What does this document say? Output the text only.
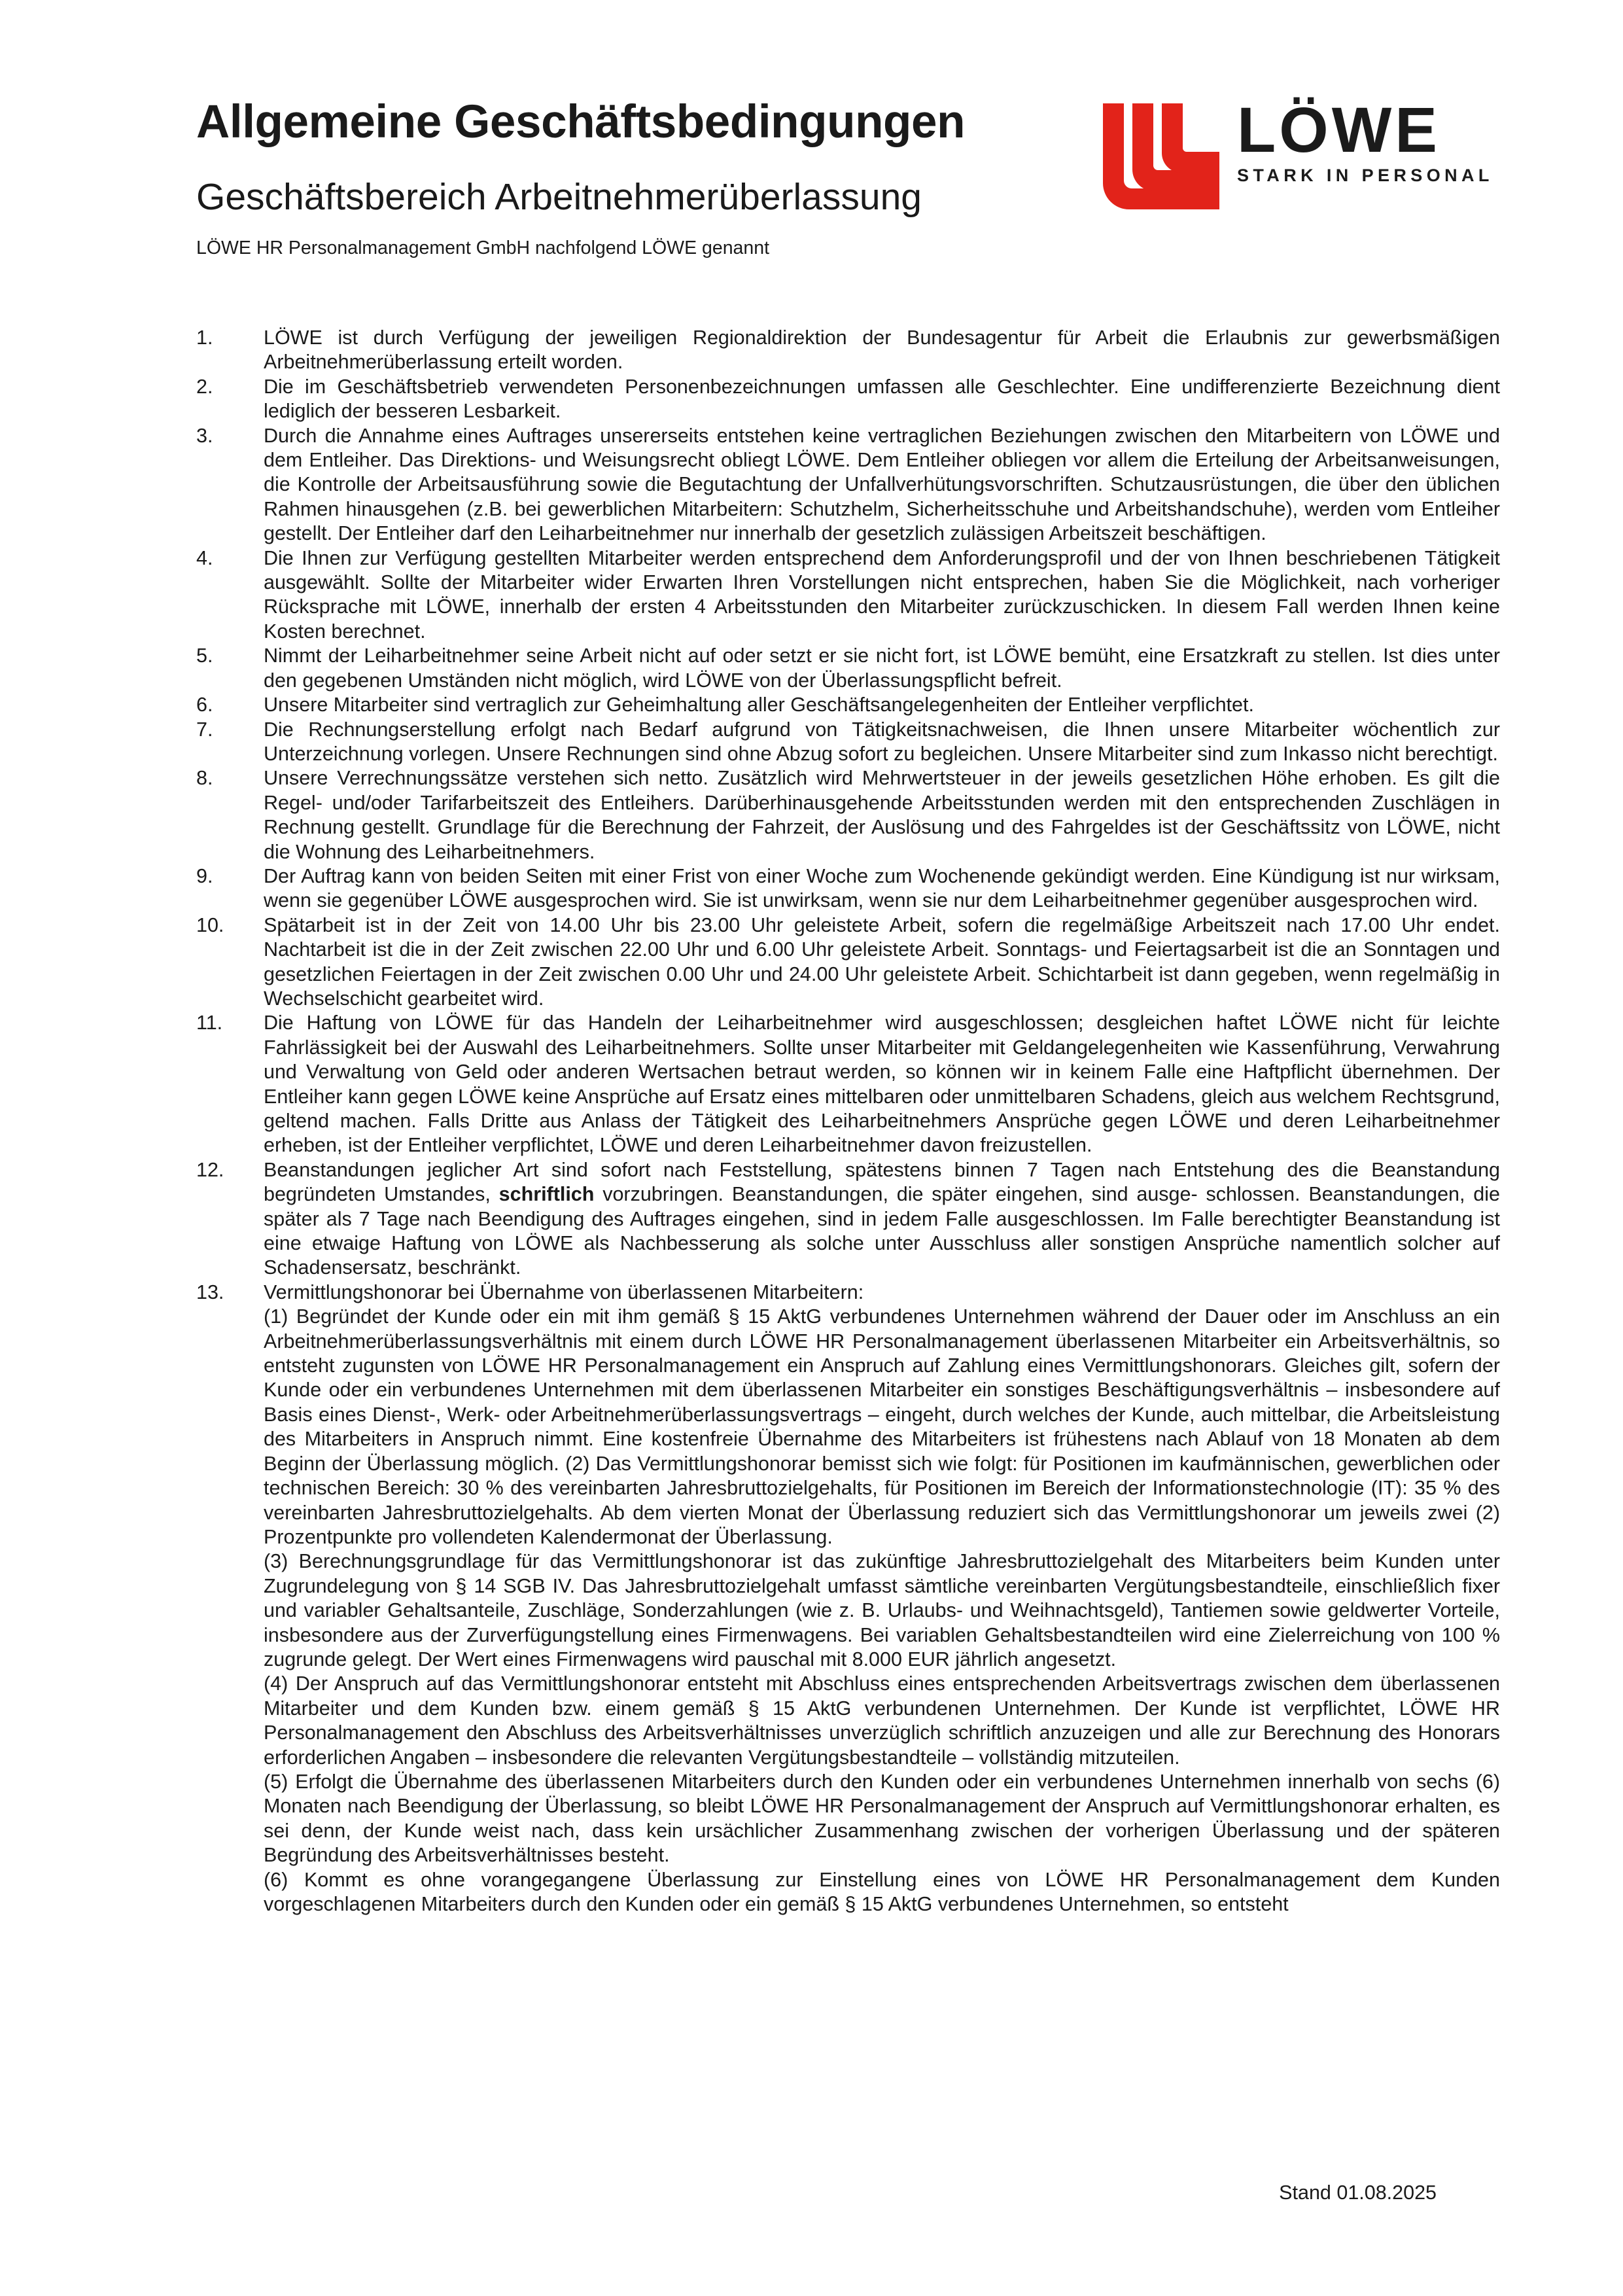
Allgemeine Geschäftsbedingungen
Geschäftsbereich Arbeitnehmerüberlassung
LÖWE HR Personalmanagement GmbH nachfolgend LÖWE genannt
LÖWE
STARK IN PERSONAL
1.	LÖWE ist durch Verfügung der jeweiligen Regionaldirektion der Bundesagentur für Arbeit die Erlaubnis zur gewerbsmäßigen Arbeitnehmerüberlassung erteilt worden.

2.	Die im Geschäftsbetrieb verwendeten Personenbezeichnungen umfassen alle Geschlechter. Eine undifferenzierte Bezeichnung dient lediglich der besseren Lesbarkeit.

3.	Durch die Annahme eines Auftrages unsererseits entstehen keine vertraglichen Beziehungen zwischen den Mitarbeitern von LÖWE und dem Entleiher. Das Direktions- und Weisungsrecht obliegt LÖWE. Dem Entleiher obliegen vor allem die Erteilung der Arbeitsanweisungen, die Kontrolle der Arbeitsausführung sowie die Begutachtung der Unfallverhütungsvorschriften. Schutzausrüstungen, die über den üblichen Rahmen hinausgehen (z.B. bei gewerblichen Mitarbeitern: Schutzhelm, Sicherheitsschuhe und Arbeitshandschuhe), werden vom Entleiher gestellt. Der Entleiher darf den Leiharbeitnehmer nur innerhalb der gesetzlich zulässigen Arbeitszeit beschäftigen.

4.	Die Ihnen zur Verfügung gestellten Mitarbeiter werden entsprechend dem Anforderungsprofil und der von Ihnen beschriebenen Tätigkeit ausgewählt. Sollte der Mitarbeiter wider Erwarten Ihren Vorstellungen nicht entsprechen, haben Sie die Möglichkeit, nach vorheriger Rücksprache mit LÖWE, innerhalb der ersten 4 Arbeitsstunden den Mitarbeiter zurückzuschicken. In diesem Fall werden Ihnen keine Kosten berechnet.

5.	Nimmt der Leiharbeitnehmer seine Arbeit nicht auf oder setzt er sie nicht fort, ist LÖWE bemüht, eine Ersatzkraft zu stellen. Ist dies unter den gegebenen Umständen nicht möglich, wird LÖWE von der Überlassungspflicht befreit.

6.	Unsere Mitarbeiter sind vertraglich zur Geheimhaltung aller Geschäftsangelegenheiten der Entleiher verpflichtet.

7.	Die Rechnungserstellung erfolgt nach Bedarf aufgrund von Tätigkeitsnachweisen, die Ihnen unsere Mitarbeiter wöchentlich zur Unterzeichnung vorlegen. Unsere Rechnungen sind ohne Abzug sofort zu begleichen. Unsere Mitarbeiter sind zum Inkasso nicht berechtigt.

8.	Unsere Verrechnungssätze verstehen sich netto. Zusätzlich wird Mehrwertsteuer in der jeweils gesetzlichen Höhe erhoben. Es gilt die Regel- und/oder Tarifarbeitszeit des Entleihers. Darüberhinausgehende Arbeitsstunden werden mit den entsprechenden Zuschlägen in Rechnung gestellt. Grundlage für die Berechnung der Fahrzeit, der Auslösung und des Fahrgeldes ist der Geschäftssitz von LÖWE, nicht die Wohnung des Leiharbeitnehmers.

9.	Der Auftrag kann von beiden Seiten mit einer Frist von einer Woche zum Wochenende gekündigt werden. Eine Kündigung ist nur wirksam, wenn sie gegenüber LÖWE ausgesprochen wird. Sie ist unwirksam, wenn sie nur dem Leiharbeitnehmer gegenüber ausgesprochen wird.

10.	Spätarbeit ist in der Zeit von 14.00 Uhr bis 23.00 Uhr geleistete Arbeit, sofern die regelmäßige Arbeitszeit nach 17.00 Uhr endet. Nachtarbeit ist die in der Zeit zwischen 22.00 Uhr und 6.00 Uhr geleistete Arbeit. Sonntags- und Feiertagsarbeit ist die an Sonntagen und gesetzlichen Feiertagen in der Zeit zwischen 0.00 Uhr und 24.00 Uhr geleistete Arbeit. Schichtarbeit ist dann gegeben, wenn regelmäßig in Wechselschicht gearbeitet wird.

11.	Die Haftung von LÖWE für das Handeln der Leiharbeitnehmer wird ausgeschlossen; desgleichen haftet LÖWE nicht für leichte Fahrlässigkeit bei der Auswahl des Leiharbeitnehmers. Sollte unser Mitarbeiter mit Geldangelegenheiten wie Kassenführung, Verwahrung und Verwaltung von Geld oder anderen Wertsachen betraut werden, so können wir in keinem Falle eine Haftpflicht übernehmen. Der Entleiher kann gegen LÖWE keine Ansprüche auf Ersatz eines mittelbaren oder unmittelbaren Schadens, gleich aus welchem Rechtsgrund, geltend machen. Falls Dritte aus Anlass der Tätigkeit des Leiharbeitnehmers Ansprüche gegen LÖWE und deren Leiharbeitnehmer erheben, ist der Entleiher verpflichtet, LÖWE und deren Leiharbeitnehmer davon freizustellen.

12.	Beanstandungen jeglicher Art sind sofort nach Feststellung, spätestens binnen 7 Tagen nach Entstehung des die Beanstandung begründeten Umstandes, schriftlich vorzubringen. Beanstandungen, die später eingehen, sind ausge- schlossen. Beanstandungen, die später als 7 Tage nach Beendigung des Auftrages eingehen, sind in jedem Falle ausgeschlossen. Im Falle berechtigter Beanstandung ist eine etwaige Haftung von LÖWE als Nachbesserung als solche unter Ausschluss aller sonstigen Ansprüche namentlich solcher auf Schadensersatz, beschränkt.

13.	Vermittlungshonorar bei Übernahme von überlassenen Mitarbeitern:

(1) Begründet der Kunde oder ein mit ihm gemäß § 15 AktG verbundenes Unternehmen während der Dauer oder im Anschluss an ein Arbeitnehmerüberlassungsverhältnis mit einem durch LÖWE HR Personalmanagement überlassenen Mitarbeiter ein Arbeitsverhältnis, so entsteht zugunsten von LÖWE HR Personalmanagement ein Anspruch auf Zahlung eines Vermittlungshonorars. Gleiches gilt, sofern der Kunde oder ein verbundenes Unternehmen mit dem überlassenen Mitarbeiter ein sonstiges Beschäftigungsverhältnis – insbesondere auf Basis eines Dienst-, Werk- oder Arbeitnehmerüberlassungsvertrags – eingeht, durch welches der Kunde, auch mittelbar, die Arbeitsleistung des Mitarbeiters in Anspruch nimmt. Eine kostenfreie Übernahme des Mitarbeiters ist frühestens nach Ablauf von 18 Monaten ab dem Beginn der Überlassung möglich. (2) Das Vermittlungshonorar bemisst sich wie folgt: für Positionen im kaufmännischen, gewerblichen oder technischen Bereich: 30 % des vereinbarten Jahresbruttozielgehalts, für Positionen im Bereich der Informationstechnologie (IT): 35 % des vereinbarten Jahresbruttozielgehalts. Ab dem vierten Monat der Überlassung reduziert sich das Vermittlungshonorar um jeweils zwei (2) Prozentpunkte pro vollendeten Kalendermonat der Überlassung.

(3) Berechnungsgrundlage für das Vermittlungshonorar ist das zukünftige Jahresbruttozielgehalt des Mitarbeiters beim Kunden unter Zugrundelegung von § 14 SGB IV. Das Jahresbruttozielgehalt umfasst sämtliche vereinbarten Vergütungsbestandteile, einschließlich fixer und variabler Gehaltsanteile, Zuschläge, Sonderzahlungen (wie z. B. Urlaubs- und Weihnachtsgeld), Tantiemen sowie geldwerter Vorteile, insbesondere aus der Zurverfügungstellung eines Firmenwagens. Bei variablen Gehaltsbestandteilen wird eine Zielerreichung von 100 % zugrunde gelegt. Der Wert eines Firmenwagens wird pauschal mit 8.000 EUR jährlich angesetzt.

(4) Der Anspruch auf das Vermittlungshonorar entsteht mit Abschluss eines entsprechenden Arbeitsvertrags zwischen dem überlassenen Mitarbeiter und dem Kunden bzw. einem gemäß § 15 AktG verbundenen Unternehmen. Der Kunde ist verpflichtet, LÖWE HR Personalmanagement den Abschluss des Arbeitsverhältnisses unverzüglich schriftlich anzuzeigen und alle zur Berechnung des Honorars erforderlichen Angaben – insbesondere die relevanten Vergütungsbestandteile – vollständig mitzuteilen.

(5) Erfolgt die Übernahme des überlassenen Mitarbeiters durch den Kunden oder ein verbundenes Unternehmen innerhalb von sechs (6) Monaten nach Beendigung der Überlassung, so bleibt LÖWE HR Personalmanagement der Anspruch auf Vermittlungshonorar erhalten, es sei denn, der Kunde weist nach, dass kein ursächlicher Zusammenhang zwischen der vorherigen Überlassung und der späteren Begründung des Arbeitsverhältnisses besteht.

(6) Kommt es ohne vorangegangene Überlassung zur Einstellung eines von LÖWE HR Personalmanagement dem Kunden vorgeschlagenen Mitarbeiters durch den Kunden oder ein gemäß § 15 AktG verbundenes Unternehmen, so entsteht

Stand 01.08.2025
